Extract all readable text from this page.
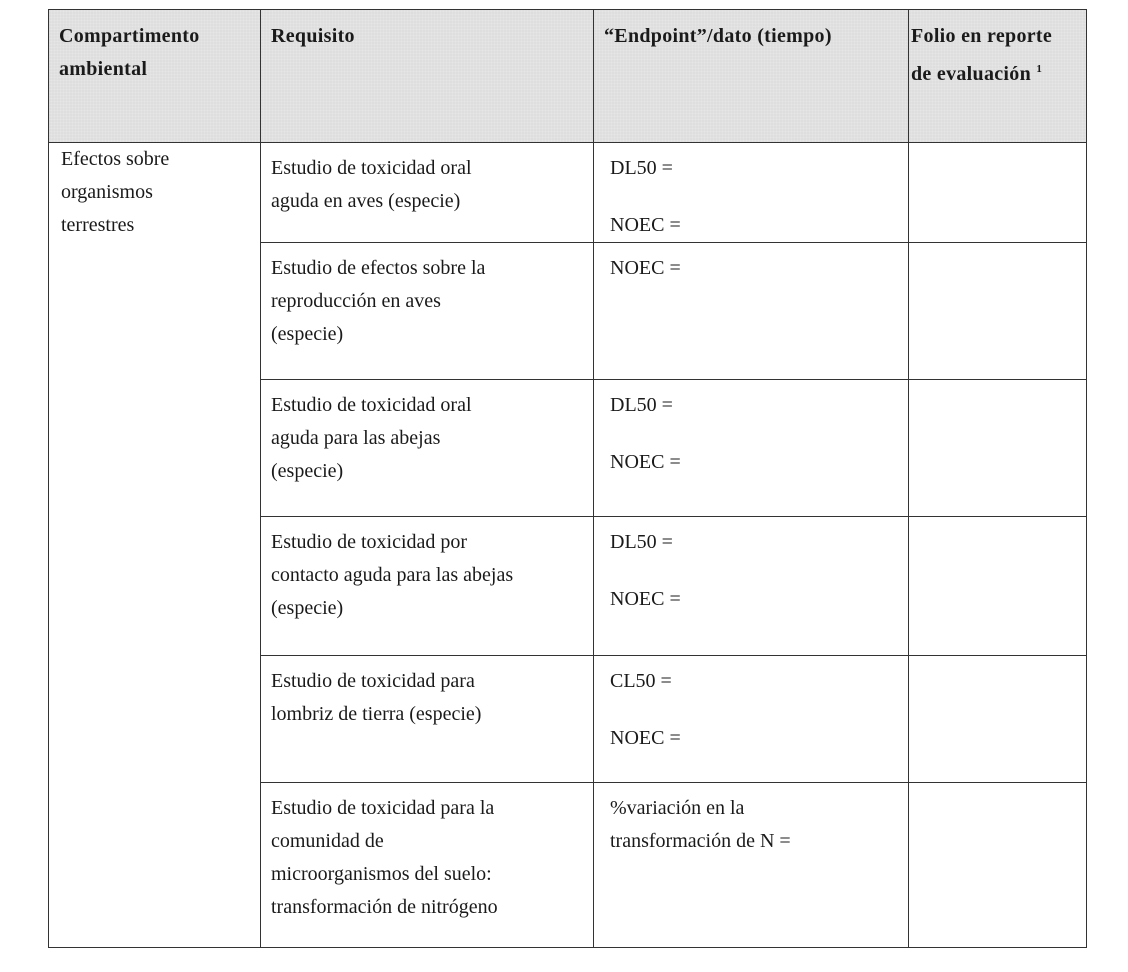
Compartimento
ambiental	Requisito	“Endpoint”/dato (tiempo)	Folio en reporte
de evaluación $^1$

Efectos sobre
organismos
terrestres	Estudio de toxicidad oral
aguda en aves (especie)	DL50 =
NOEC =	

	Estudio de efectos sobre la
reproducción en aves
(especie)	NOEC =	

	Estudio de toxicidad oral
aguda para las abejas
(especie)	DL50 =
NOEC =	

	Estudio de toxicidad por
contacto aguda para las abejas
(especie)	DL50 =
NOEC =	

	Estudio de toxicidad para
lombriz de tierra (especie)	CL50 =
NOEC =	

	Estudio de toxicidad para la
comunidad de
microorganismos del suelo:
transformación de nitrógeno	%variación en la
transformación de N =	
